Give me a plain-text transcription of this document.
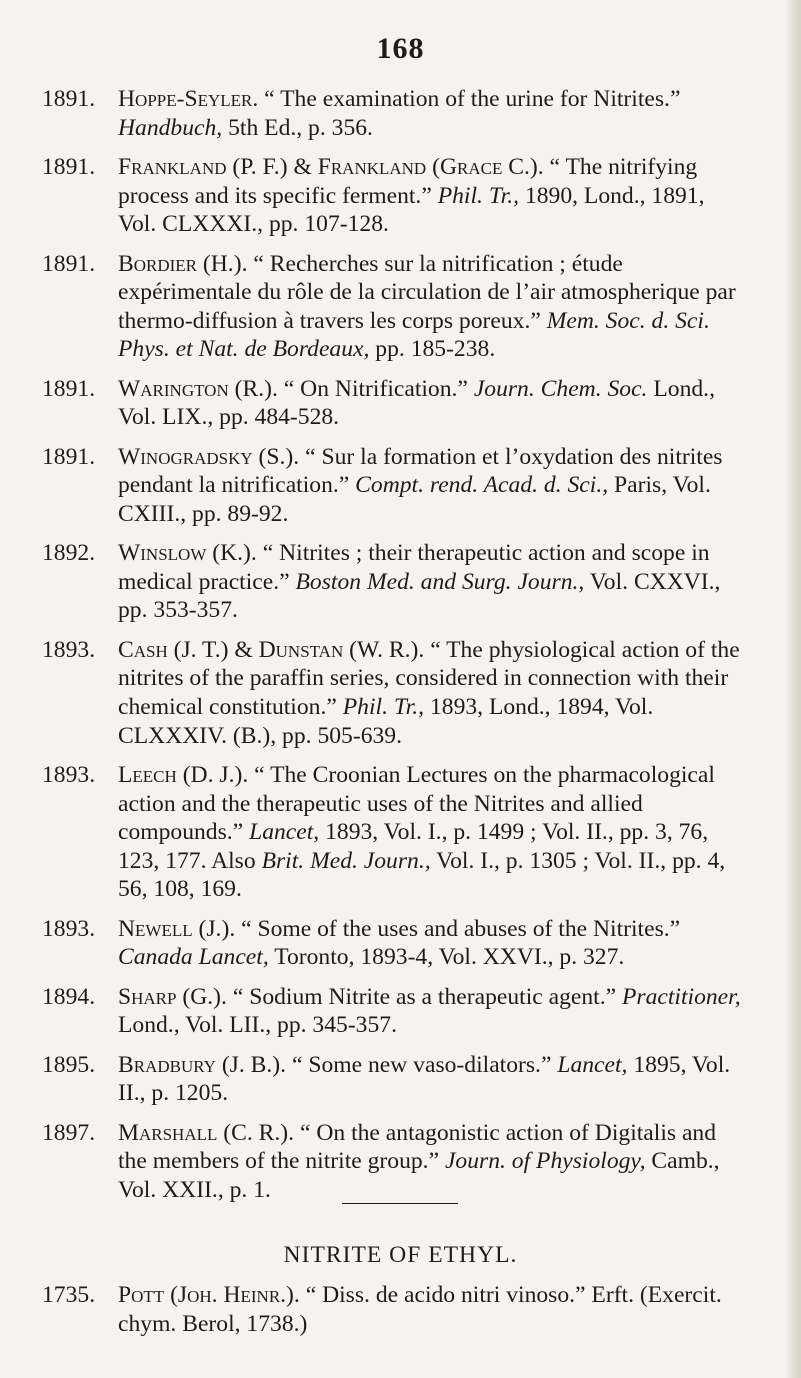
168
1891. Hoppe-Seyler. “ The examination of the urine for Nitrites.” Handbuch, 5th Ed., p. 356.
1891. Frankland (P. F.) & Frankland (Grace C.). “ The nitrifying process and its specific ferment.” Phil. Tr., 1890, Lond., 1891, Vol. CLXXXI., pp. 107-128.
1891. Bordier (H.). “ Recherches sur la nitrification ; étude expérimentale du rôle de la circulation de l’air atmospherique par thermo-diffusion à travers les corps poreux.” Mem. Soc. d. Sci. Phys. et Nat. de Bordeaux, pp. 185-238.
1891. Warington (R.). “ On Nitrification.” Journ. Chem. Soc. Lond., Vol. LIX., pp. 484-528.
1891. Winogradsky (S.). “ Sur la formation et l’oxydation des nitrites pendant la nitrification.” Compt. rend. Acad. d. Sci., Paris, Vol. CXIII., pp. 89-92.
1892. Winslow (K.). “ Nitrites ; their therapeutic action and scope in medical practice.” Boston Med. and Surg. Journ., Vol. CXXVI., pp. 353-357.
1893. Cash (J. T.) & Dunstan (W. R.). “ The physiological action of the nitrites of the paraffin series, considered in connection with their chemical constitution.” Phil. Tr., 1893, Lond., 1894, Vol. CLXXXIV. (B.), pp. 505-639.
1893. Leech (D. J.). “ The Croonian Lectures on the pharmacological action and the therapeutic uses of the Nitrites and allied compounds.” Lancet, 1893, Vol. I., p. 1499 ; Vol. II., pp. 3, 76, 123, 177. Also Brit. Med. Journ., Vol. I., p. 1305 ; Vol. II., pp. 4, 56, 108, 169.
1893. Newell (J.). “ Some of the uses and abuses of the Nitrites.” Canada Lancet, Toronto, 1893-4, Vol. XXVI., p. 327.
1894. Sharp (G.). “ Sodium Nitrite as a therapeutic agent.” Practitioner, Lond., Vol. LII., pp. 345-357.
1895. Bradbury (J. B.). “ Some new vaso-dilators.” Lancet, 1895, Vol. II., p. 1205.
1897. Marshall (C. R.). “ On the antagonistic action of Digitalis and the members of the nitrite group.” Journ. of Physiology, Camb., Vol. XXII., p. 1.
NITRITE OF ETHYL.
1735. Pott (Joh. Heinr.). “ Diss. de acido nitri vinoso.” Erft. (Exercit. chym. Berol, 1738.)
